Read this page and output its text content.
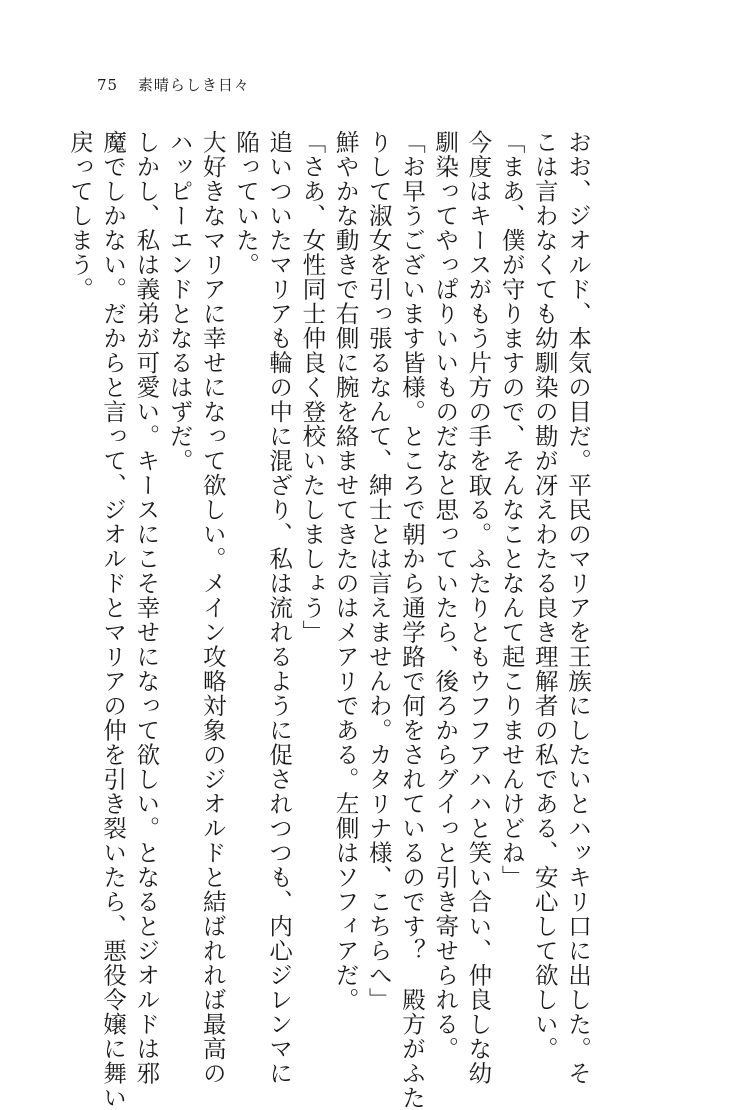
75 素晴らしき日々
おお、ジオルド、本気の目だ。平民のマリアを王族にしたいとハッキリ口に出した。そ
こは言わなくても幼馴染の勘が冴えわたる良き理解者の私である、安心して欲しい。
「まあ、僕が守りますので、そんなことなんて起こりませんけどね」
今度はキースがもう片方の手を取る。ふたりともウフフアハハと笑い合い、仲良しな幼
馴染ってやっぱりいいものだなと思っていたら、後ろからグイっと引き寄せられる。
「お早うございます皆様。ところで朝から通学路で何をされているのです？　殿方がふた
りして淑女を引っ張るなんて、紳士とは言えませんわ。カタリナ様、こちらへ」
鮮やかな動きで右側に腕を絡ませてきたのはメアリである。左側はソフィアだ。
「さあ、女性同士仲良く登校いたしましょう」
追いついたマリアも輪の中に混ざり、私は流れるように促されつつも、内心ジレンマに
陥っていた。
大好きなマリアに幸せになって欲しい。メイン攻略対象のジオルドと結ばれれば最高の
ハッピーエンドとなるはずだ。
しかし、私は義弟が可愛い。キースにこそ幸せになって欲しい。となるとジオルドは邪
魔でしかない。だからと言って、ジオルドとマリアの仲を引き裂いたら、悪役令嬢に舞い
戻ってしまう。
